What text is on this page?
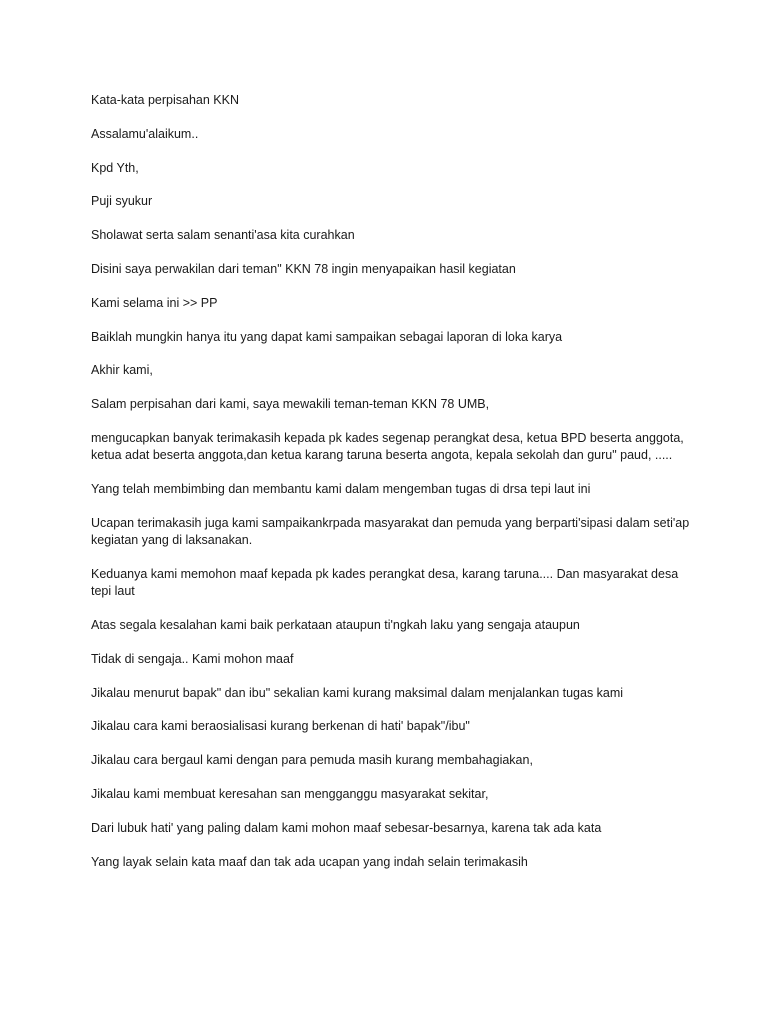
Kata-kata perpisahan KKN

Assalamu'alaikum..

Kpd Yth,

Puji syukur

Sholawat serta salam senanti'asa kita curahkan

Disini saya perwakilan dari teman" KKN 78 ingin menyapaikan hasil kegiatan

Kami selama ini >> PP

Baiklah mungkin hanya itu yang dapat kami sampaikan sebagai laporan di loka karya

Akhir kami,

Salam perpisahan dari kami, saya mewakili teman-teman KKN 78 UMB,

mengucapkan banyak terimakasih kepada pk kades segenap perangkat desa, ketua BPD beserta anggota, ketua adat beserta anggota,dan ketua karang taruna beserta angota, kepala sekolah dan guru" paud, .....

Yang telah membimbing dan membantu kami dalam mengemban tugas di drsa tepi laut ini

Ucapan terimakasih juga kami sampaikankrpada masyarakat dan pemuda yang berparti'sipasi dalam seti'ap kegiatan yang di laksanakan.

Keduanya kami memohon maaf kepada pk kades perangkat desa, karang taruna.... Dan masyarakat desa tepi laut

Atas segala kesalahan kami baik perkataan ataupun ti'ngkah laku yang sengaja ataupun

Tidak di sengaja.. Kami mohon maaf

Jikalau menurut bapak" dan ibu" sekalian kami kurang maksimal dalam menjalankan tugas kami

Jikalau cara kami beraosialisasi kurang berkenan di hati' bapak"/ibu"

Jikalau cara bergaul kami dengan para pemuda masih kurang membahagiakan,

Jikalau kami membuat keresahan san mengganggu masyarakat sekitar,

Dari lubuk hati' yang paling dalam kami mohon maaf sebesar-besarnya, karena tak ada kata

Yang layak selain kata maaf dan tak ada ucapan yang indah selain terimakasih
